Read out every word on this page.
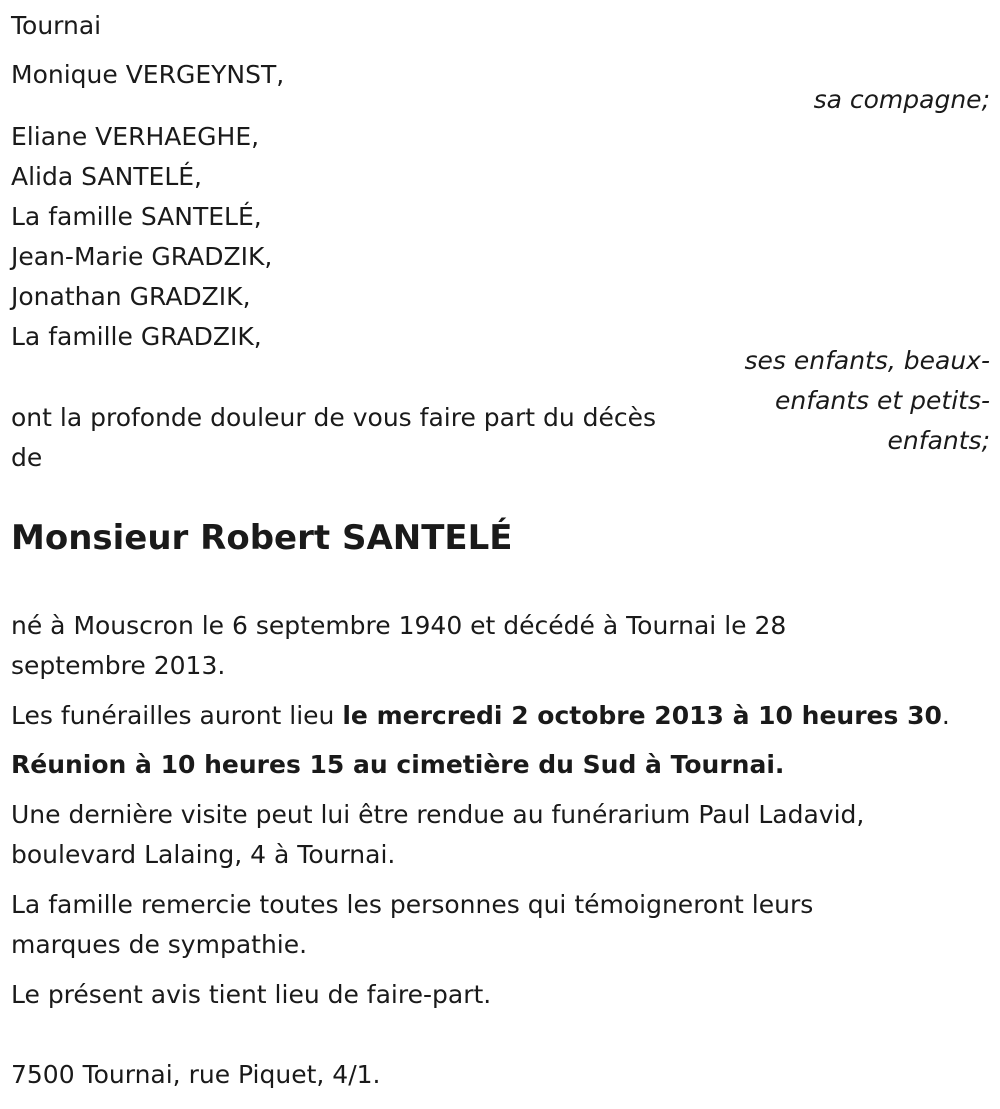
Tournai
Monique VERGEYNST,
sa compagne;
Eliane VERHAEGHE,
Alida SANTELÉ,
La famille SANTELÉ,
Jean-Marie GRADZIK,
Jonathan GRADZIK,
La famille GRADZIK,
ses enfants, beaux-
enfants et petits-
enfants;
ont la profonde douleur de vous faire part du décès
de
Monsieur Robert SANTELÉ
né à Mouscron le 6 septembre 1940 et décédé à Tournai le 28
septembre 2013.
Les funérailles auront lieu le mercredi 2 octobre 2013 à 10 heures 30.
Réunion à 10 heures 15 au cimetière du Sud à Tournai.
Une dernière visite peut lui être rendue au funérarium Paul Ladavid,
boulevard Lalaing, 4 à Tournai.
La famille remercie toutes les personnes qui témoigneront leurs
marques de sympathie.
Le présent avis tient lieu de faire-part.
7500 Tournai, rue Piquet, 4/1.
